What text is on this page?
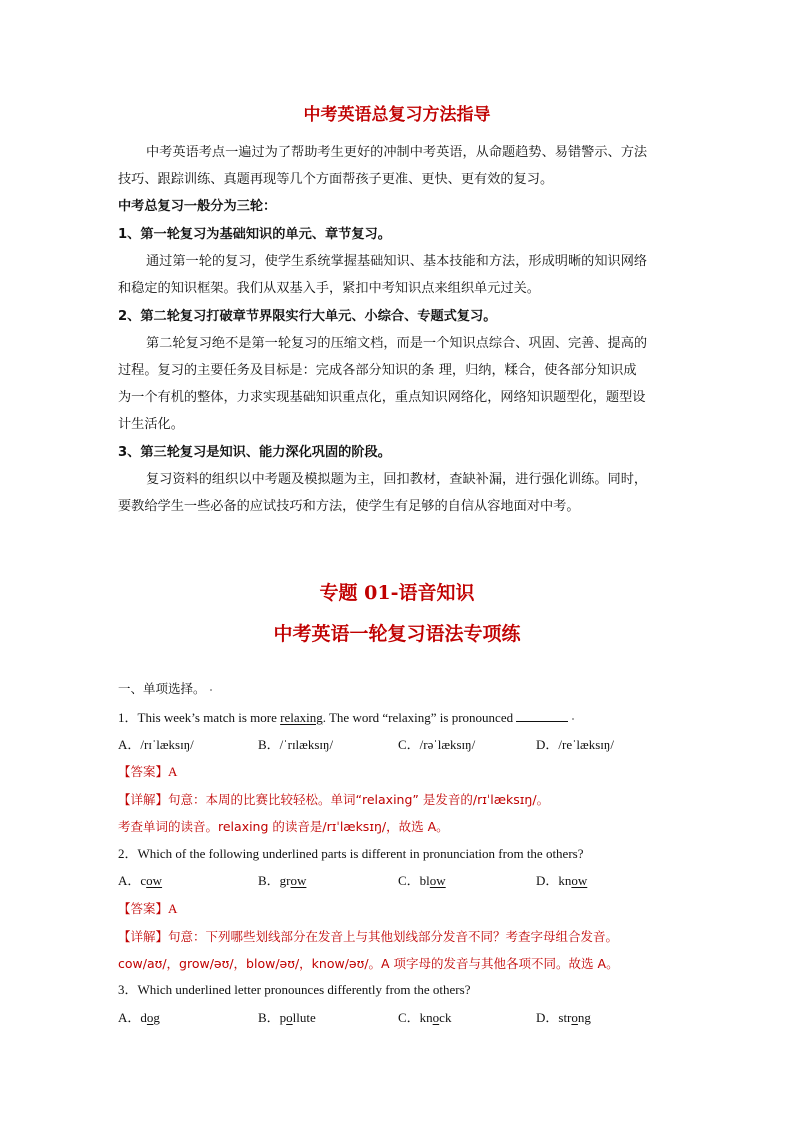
中考英语总复习方法指导
中考英语考点一遍过为了帮助考生更好的冲制中考英语，从命题趋势、易错警示、方法
技巧、跟踪训练、真题再现等几个方面帮孩子更准、更快、更有效的复习。
中考总复习一般分为三轮：
1、第一轮复习为基础知识的单元、章节复习。
通过第一轮的复习，使学生系统掌握基础知识、基本技能和方法，形成明晰的知识网络
和稳定的知识框架。我们从双基入手，紧扣中考知识点来组织单元过关。
2、第二轮复习打破章节界限实行大单元、小综合、专题式复习。
第二轮复习绝不是第一轮复习的压缩文档，而是一个知识点综合、巩固、完善、提高的
过程。复习的主要任务及目标是：完成各部分知识的条 理，归纳，糅合，使各部分知识成
为一个有机的整体，力求实现基础知识重点化，重点知识网络化，网络知识题型化，题型设
计生活化。
3、第三轮复习是知识、能力深化巩固的阶段。
复习资料的组织以中考题及模拟题为主，回扣教材，查缺补漏，进行强化训练。同时，
要教给学生一些必备的应试技巧和方法，使学生有足够的自信从容地面对中考。
专题 01-语音知识
中考英语一轮复习语法专项练
一、单项选择。
1．This week’s match is more relaxing. The word “relaxing” is pronounced
A．/rɪˈlæksɪŋ/	B．/ˈrɪlæksɪŋ/	C．/rəˈlæksɪŋ/	D．/reˈlæksɪŋ/
【答案】A
【详解】句意：本周的比赛比较轻松。单词“relaxing” 是发音的/rɪˈlæksɪŋ/。
考查单词的读音。relaxing 的读音是/rɪˈlæksɪŋ/，故选 A。
2．Which of the following underlined parts is different in pronunciation from the others?
A．cow	B．grow	C．blow	D．know
【答案】A
【详解】句意：下列哪些划线部分在发音上与其他划线部分发音不同？考查字母组合发音。
cow/aʊ/，grow/əʊ/，blow/əʊ/，know/əʊ/。A 项字母的发音与其他各项不同。故选 A。
3．Which underlined letter pronounces differently from the others?
A．dog	B．pollute	C．knock	D．strong
